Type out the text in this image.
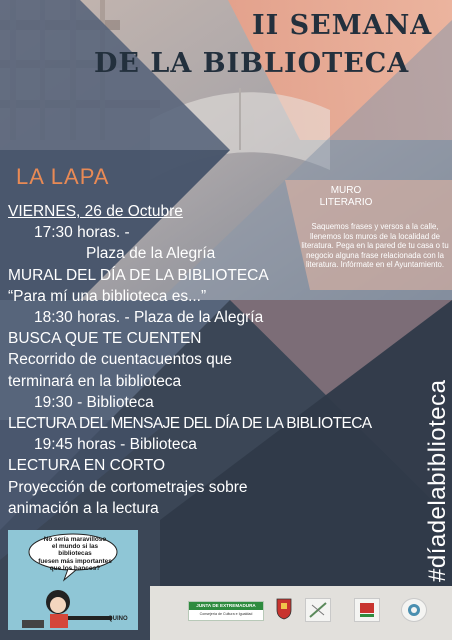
II SEMANA
DE LA BIBLIOTECA
LA LAPA
VIERNES, 26 de Octubre
17:30 horas. -
Plaza de la Alegría
MURAL DEL DÍA DE LA BIBLIOTECA
“Para mí una biblioteca es...”
18:30 horas. - Plaza de la Alegría
BUSCA QUE TE CUENTEN
Recorrido de cuentacuentos que
terminará en la biblioteca
19:30 - Biblioteca
LECTURA DEL MENSAJE DEL DÍA DE LA BIBLIOTECA
19:45 horas - Biblioteca
LECTURA EN CORTO
Proyección de cortometrajes sobre
animación a la lectura
MURO
LITERARIO
Saquemos frases y versos a la calle, llenemos los muros de la localidad de literatura. Pega en la pared de tu casa o tu negocio alguna frase relacionada con la literatura. Infórmate en el Ayuntamiento.
#díadelabiblioteca
QUINO
No sería maravilloso
el mundo si las bibliotecas
fuesen más importantes
que los bancos?
JUNTA DE EXTREMADURA
Consejería de Cultura e Igualdad
